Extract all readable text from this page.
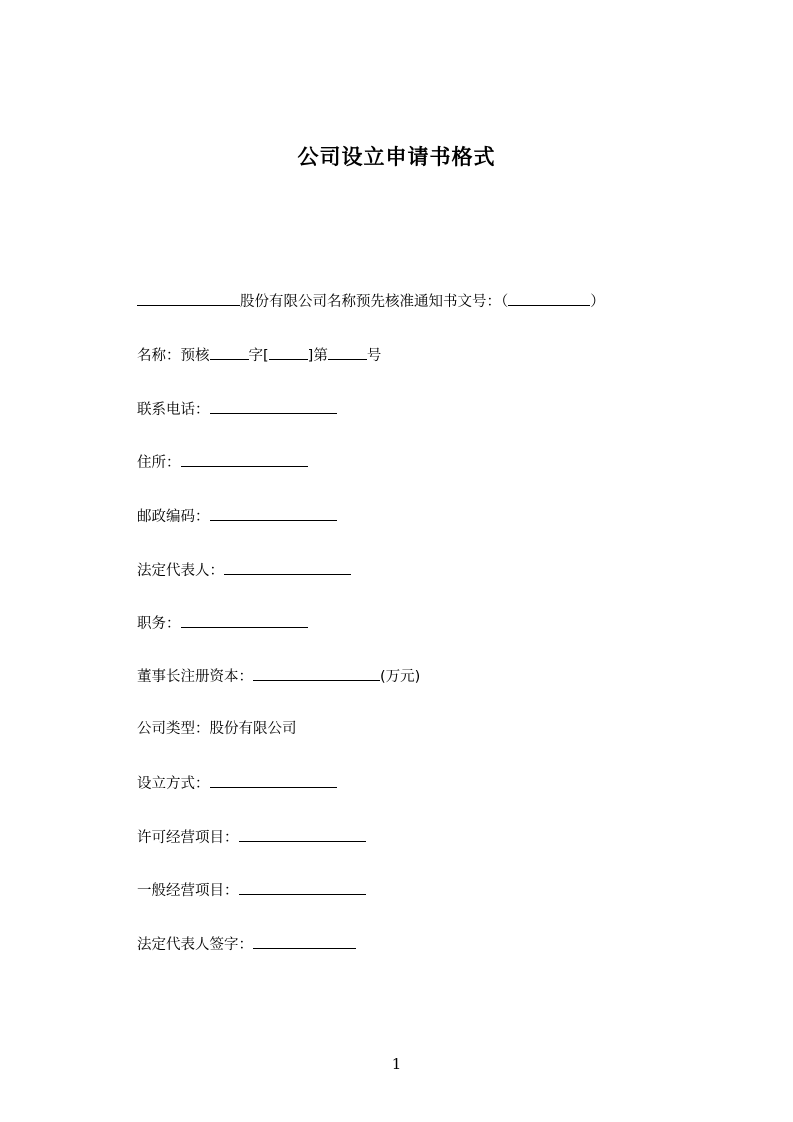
公司设立申请书格式
股份有限公司名称预先核准通知书文号：（	）
名称：预核	字[	]第	号
联系电话：
住所：
邮政编码：
法定代表人：
职务：
董事长注册资本：	(万元)
公司类型：股份有限公司
设立方式：
许可经营项目：
一般经营项目：
法定代表人签字：
1
